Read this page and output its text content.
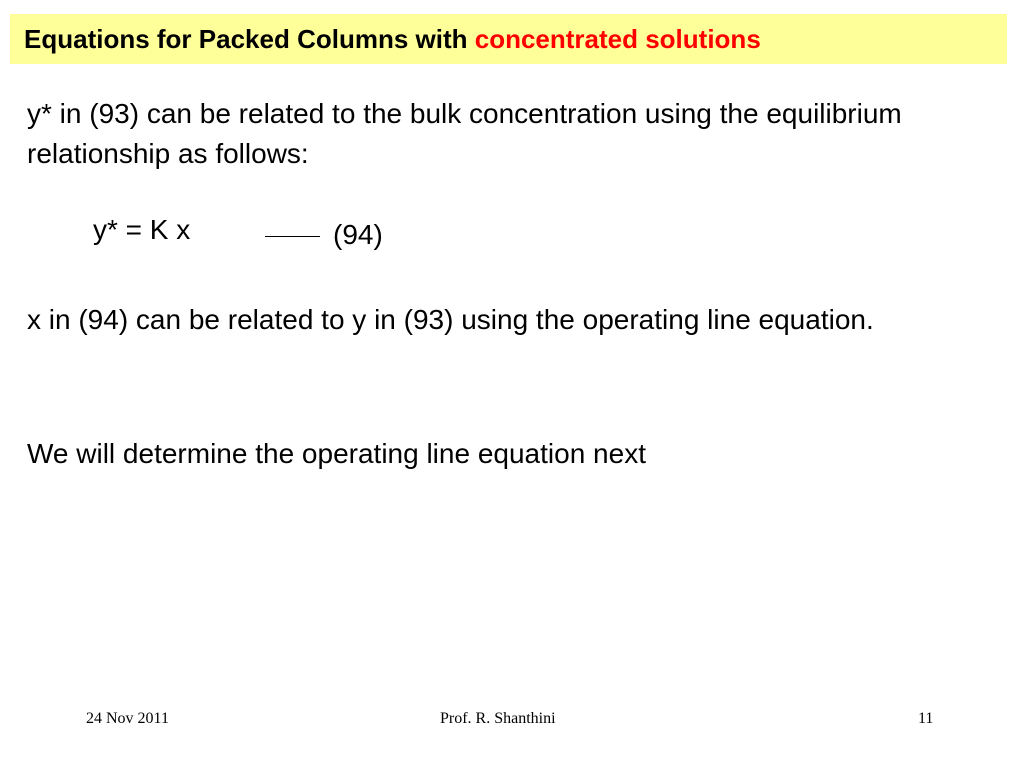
Equations for Packed Columns with concentrated solutions

y* in (93) can be related to the bulk concentration using the equilibrium relationship as follows:

y* = K x	(94)

x in (94) can be related to y in (93) using the operating line equation.

We will determine the operating line equation next

24 Nov 2011	Prof. R. Shanthini	11
